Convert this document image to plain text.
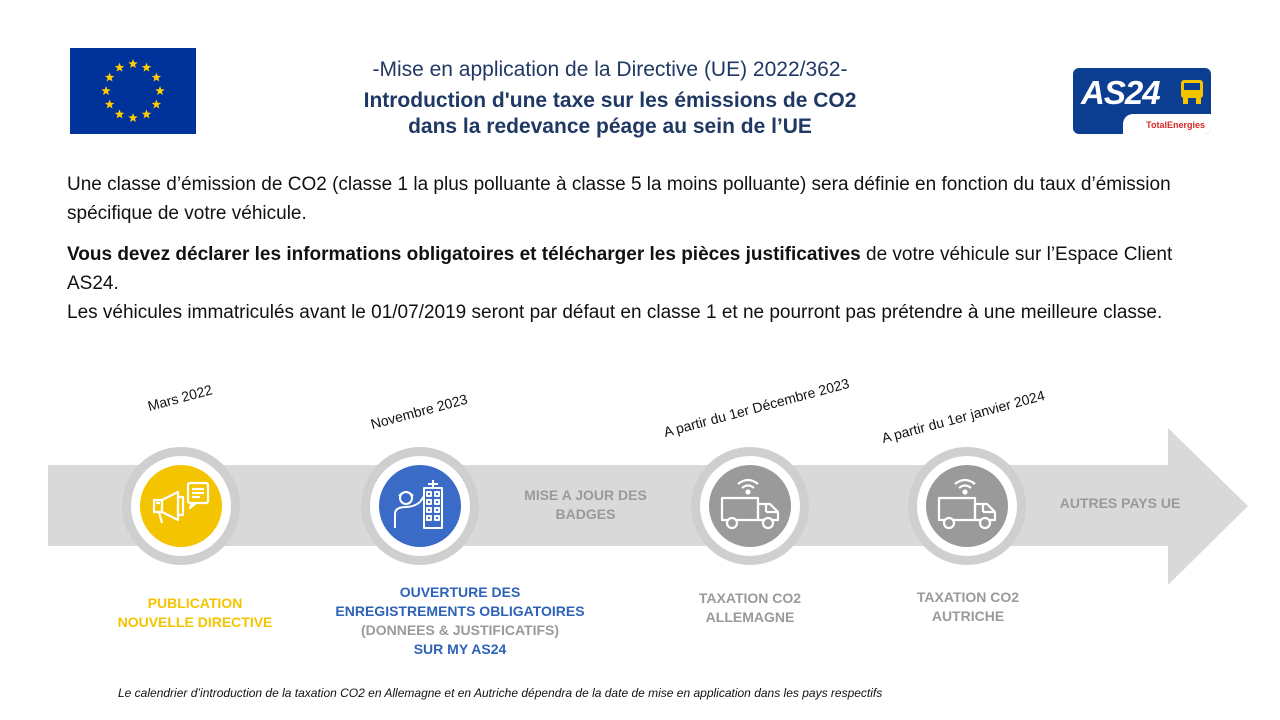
-Mise en application de la Directive (UE) 2022/362-
Introduction d'une taxe sur les émissions de CO2
dans la redevance péage au sein de l’UE
AS24
TotalEnergies
Une classe d’émission de CO2 (classe 1 la plus polluante à classe 5 la moins polluante) sera définie en fonction du taux d’émission spécifique de votre véhicule.
Vous devez déclarer les informations obligatoires et télécharger les pièces justificatives de votre véhicule sur l’Espace Client AS24.
Les véhicules immatriculés avant le 01/07/2019 seront par défaut en classe 1 et ne pourront pas prétendre à une meilleure classe.
Mars 2022	Novembre 2023	A partir du 1er Décembre 2023 A partir du 1er janvier 2024
MISE A JOUR DES
BADGES
AUTRES PAYS UE
PUBLICATION
NOUVELLE DIRECTIVE
OUVERTURE DES
ENREGISTREMENTS OBLIGATOIRES
(DONNEES & JUSTIFICATIFS)
SUR MY AS24
TAXATION CO2
ALLEMAGNE
TAXATION CO2
AUTRICHE
Le calendrier d’introduction de la taxation CO2 en Allemagne et en Autriche dépendra de la date de mise en application dans les pays respectifs
